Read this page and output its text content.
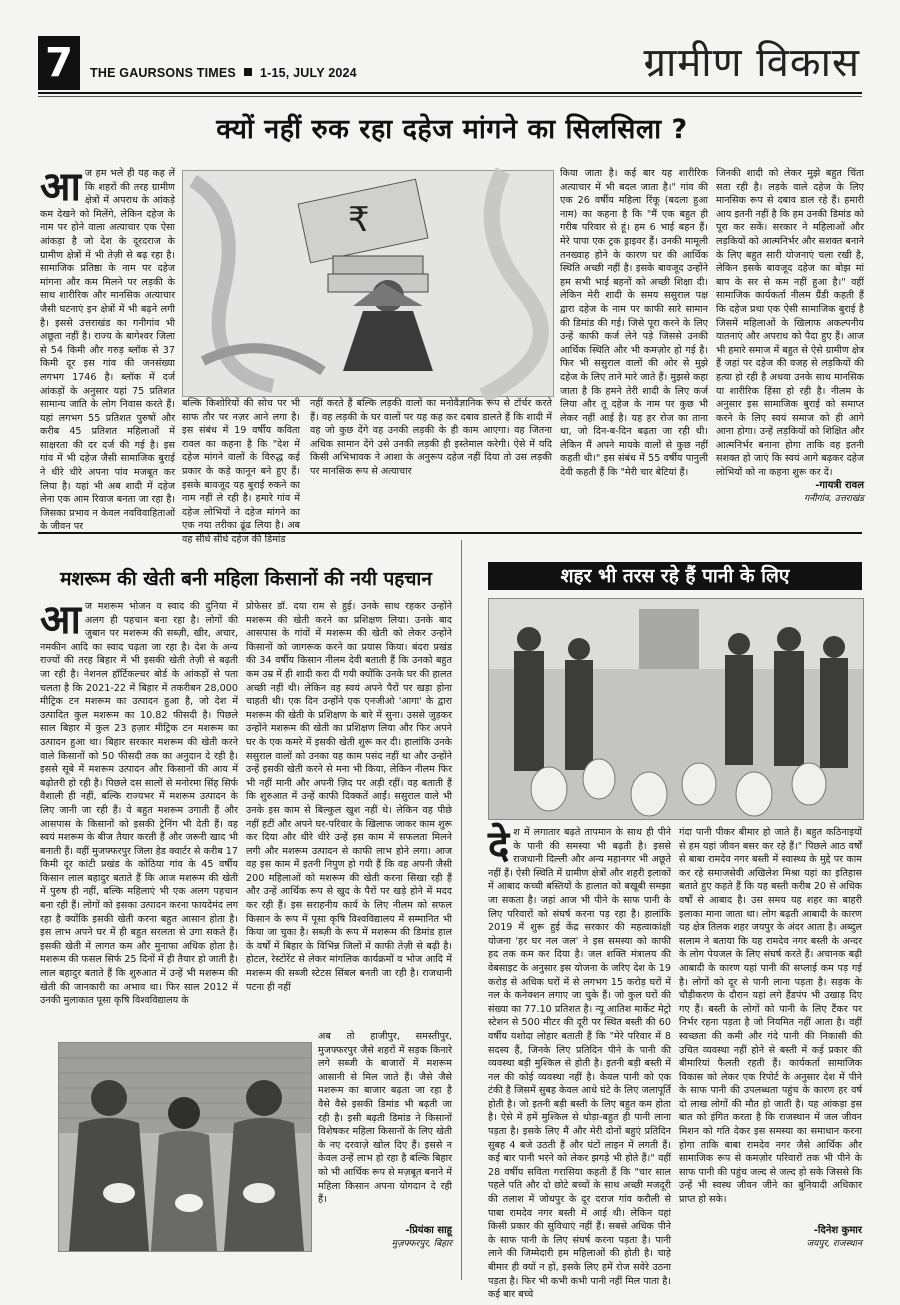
7	THE GAURSONS TIMES 1-15, JULY 2024	ग्रामीण विकास
क्यों नहीं रुक रहा दहेज मांगने का सिलसिला ?
आज हम भले ही यह कह लें कि शहरों की तरह ग्रामीण क्षेत्रों में अपराध के आंकड़े कम देखने को मिलेंगे, लेकिन दहेज के नाम पर होने वाला अत्याचार एक ऐसा आंकड़ा है जो देश के दूरदराज के ग्रामीण क्षेत्रों में भी तेज़ी से बढ़ रहा है। सामाजिक प्रतिष्ठा के नाम पर दहेज मांगना और कम मिलने पर लड़की के साथ शारीरिक और मानसिक अत्याचार जैसी घटनाएं इन क्षेत्रों में भी बढ़ने लगी है। इससे उत्तराखंड का गनीगांव भी अछूता नहीं है। राज्य के बागेश्वर जिला से 54 किमी और गरुड़ ब्लॉक से 37 किमी दूर इस गांव की जनसंख्या लगभग 1746 है। ब्लॉक में दर्ज आंकड़ों के अनुसार यहां 75 प्रतिशत सामान्य जाति के लोग निवास करते हैं। यहां लगभग 55 प्रतिशत पुरुषों और करीब 45 प्रतिशत महिलाओं में साक्षरता की दर दर्ज की गई है। इस गांव में भी दहेज जैसी सामाजिक बुराई ने धीरे धीरे अपना पांव मजबूत कर लिया है। यहां भी अब शादी में दहेज लेना एक आम रिवाज बनता जा रहा है। जिसका प्रभाव न केवल नवविवाहिताओं के जीवन पर
₹
बल्कि किशोरियों की सोच पर भी साफ तौर पर नज़र आने लगा है। इस संबंध में 19 वर्षीय कविता रावल का कहना है कि "देश में दहेज मांगने वालों के विरुद्ध कई प्रकार के कड़े कानून बने हुए हैं। इसके बावजूद यह बुराई रुकने का नाम नहीं ले रही है। हमारे गांव में दहेज लोभियों ने दहेज मांगने का एक नया तरीका ढूंढ लिया है। अब वह सीधे सीधे दहेज की डिमांड
नहीं करते हैं बल्कि लड़की वालों का मनोवैज्ञानिक रूप से टॉर्चर करते हैं। वह लड़की के घर वालों पर यह कह कर दबाव डालते हैं कि शादी में वह जो कुछ देंगे वह उनकी लड़की के ही काम आएगा। वह जितना अधिक सामान देंगे उसे उनकी लड़की ही इस्तेमाल करेगी। ऐसे में यदि किसी अभिभावक ने आशा के अनुरूप दहेज नहीं दिया तो उस लड़की पर मानसिक रूप से अत्याचार
किया जाता है। कई बार यह शारीरिक अत्याचार में भी बदल जाता है।" गांव की एक 26 वर्षीय महिला रिंकू (बदला हुआ नाम) का कहना है कि "मैं एक बहुत ही गरीब परिवार से हूं। हम 6 भाई बहन हैं। मेरे पापा एक ट्रक ड्राइवर हैं। उनकी मामूली तनख्वाह होने के कारण घर की आर्थिक स्थिति अच्छी नहीं है। इसके बावजूद उन्होंने हम सभी भाई बहनों को अच्छी शिक्षा दी। लेकिन मेरी शादी के समय ससुराल पक्ष द्वारा दहेज के नाम पर काफी सारे सामान की डिमांड की गई। जिसे पूरा करने के लिए उन्हें काफी कर्ज लेने पड़े जिससे उनकी आर्थिक स्थिति और भी कमज़ोर हो गई है। फिर भी ससुराल वालों की ओर से मुझे दहेज के लिए ताने मारे जाते हैं। मुझसे कहा जाता है कि हमने तेरी शादी के लिए कर्ज लिया और तू दहेज के नाम पर कुछ भी लेकर नहीं आई है। यह हर रोज का ताना था, जो दिन-ब-दिन बढ़ता जा रही थी। लेकिन मैं अपने मायके वालों से कुछ नहीं कहती थी।" इस संबंध में 55 वर्षीय पानुली देवी कहती हैं कि "मेरी चार बेटियां हैं।
जिनकी शादी को लेकर मुझे बहुत चिंता सता रही है। लड़के वाले दहेज के लिए मानसिक रूप से दबाव डाल रहे हैं। हमारी आय इतनी नहीं है कि हम उनकी डिमांड को पूरा कर सकें। सरकार ने महिलाओं और लड़कियों को आत्मनिर्भर और सशक्त बनाने के लिए बहुत सारी योजनाएं चला रखी है, लेकिन इसके बावजूद दहेज का बोझ मां बाप के सर से कम नहीं हुआ है।" वहीं सामाजिक कार्यकर्ता नीलम ग्रैंडी कहती हैं कि दहेज प्रथा एक ऐसी सामाजिक बुराई है जिसमें महिलाओं के खिलाफ अकल्पनीय यातनाएं और अपराध को पैदा हुए हैं। आज भी हमारे समाज में बहुत से ऐसे ग्रामीण क्षेत्र हैं जहां पर दहेज की वजह से लड़कियों की हत्या हो रही है अथवा उनके साथ मानसिक या शारीरिक हिंसा हो रही है। नीलम के अनुसार इस सामाजिक बुराई को समाप्त करने के लिए स्वयं समाज को ही आगे आना होगा। उन्हें लड़कियों को शिक्षित और आत्मनिर्भर बनाना होगा ताकि वह इतनी सशक्त हो जाएं कि स्वयं आगे बढ़कर दहेज लोभियों को ना कहना शुरू कर दें।
-गायत्री रावल
गनीगांव, उत्तराखंड
मशरूम की खेती बनी महिला किसानों की नयी पहचान
आज मशरूम भोजन व स्वाद की दुनिया में अलग ही पहचान बना रहा है। लोगों की जुबान पर मशरूम की सब्ज़ी, खीर, अचार, नमकीन आदि का स्वाद चढ़ता जा रहा है। देश के अन्य राज्यों की तरह बिहार में भी इसकी खेती तेज़ी से बढ़ती जा रही है। नेशनल हॉर्टिकल्चर बोर्ड के आंकड़ों से पता चलता है कि 2021-22 में बिहार में तकरीबन 28,000 मीट्रिक टन मशरूम का उत्पादन हुआ है, जो देश में उत्पादित कुल मशरूम का 10.82 फीसदी है। पिछले साल बिहार में कुल 23 हज़ार मीट्रिक टन मशरूम का उत्पादन हुआ था। बिहार सरकार मशरूम की खेती करने वाले किसानों को 50 फीसदी तक का अनुदान दे रही है। इससे सूबे में मशरूम उत्पादन और किसानों की आय में बढ़ोतरी हो रही है। पिछले दस सालों से मनोरमा सिंह सिर्फ वैशाली ही नहीं, बल्कि राज्यभर में मशरूम उत्पादन के लिए जानी जा रही हैं। वे बहुत मशरूम उगाती हैं और आसपास के किसानों को इसकी ट्रेनिंग भी देती हैं। वह स्वयं मशरूम के बीज तैयार करती हैं और जरूरी खाद भी बनाती हैं। वहीं मुजफ्फरपुर जिला हेड क्वार्टर से करीब 17 किमी दूर कांटी प्रखंड के कोठिया गांव के 45 वर्षीय किसान लाल बहादुर बताते हैं कि आज मशरूम की खेती में पुरुष ही नहीं, बल्कि महिलाएं भी एक अलग पहचान बना रही हैं। लोगों को इसका उत्पादन करना फायदेमंद लग रहा है क्योंकि इसकी खेती करना बहुत आसान होता है। इस लाभ अपने घर में ही बहुत सरलता से उगा सकते हैं। इसकी खेती में लागत कम और मुनाफा अधिक होता है। मशरूम की फसल सिर्फ 25 दिनों में ही तैयार हो जाती है। लाल बहादुर बताते हैं कि शुरुआत में उन्हें भी मशरूम की खेती की जानकारी का अभाव था। फिर साल 2012 में उनकी मुलाकात पूसा कृषि विश्वविद्यालय के
प्रोफेसर डॉ. दया राम से हुई। उनके साथ रहकर उन्होंने मशरूम की खेती करने का प्रशिक्षण लिया। उनके बाद आसपास के गांवों में मशरूम की खेती को लेकर उन्होंने किसानों को जागरूक करने का प्रयास किया। बंदरा प्रखंड की 34 वर्षीय किसान नीलम देवी बताती हैं कि उनको बहुत कम उम्र में ही शादी करा दी गयी क्योंकि उनके घर की हालत अच्छी नहीं थी। लेकिन वह स्वयं अपने पैरों पर खड़ा होना चाहती थी। एक दिन उन्होंने एक एनजीओ 'आगा' के द्वारा मशरूम की खेती के प्रशिक्षण के बारे में सुना। उससे जुड़कर उन्होंने मशरूम की खेती का प्रशिक्षण लिया और फिर अपने घर के एक कमरे में इसकी खेती शुरू कर दी। हालांकि उनके ससुराल वालों को उनका यह काम पसंद नहीं था और उन्होंने उन्हें इसकी खेती करने से मना भी किया, लेकिन नीलम फिर भी नहीं मानी और अपनी ज़िद पर अड़ी रहीं। वह बताती हैं कि शुरुआत में उन्हें काफी दिक्कतें आईं। ससुराल वाले भी उनके इस काम से बिल्कुल खुश नहीं थे। लेकिन वह पीछे नहीं हटीं और अपने घर-परिवार के खिलाफ जाकर काम शुरू कर दिया और धीरे धीरे उन्हें इस काम में सफलता मिलने लगी और मशरूम उत्पादन से काफी लाभ होने लगा। आज वह इस काम में इतनी निपुण हो गयी हैं कि वह अपनी जैसी 200 महिलाओं को मशरूम की खेती करना सिखा रही हैं और उन्हें आर्थिक रूप से खुद के पैरों पर खड़े होने में मदद कर रही हैं। इस सराहनीय कार्य के लिए नीलम को सफल किसान के रूप में पूसा कृषि विश्वविद्यालय में सम्मानित भी किया जा चुका है। सब्ज़ी के रूप में मशरूम की डिमांड हाल के वर्षों में बिहार के विभिन्न जिलों में काफी तेज़ी से बढ़ी है। होटल, रेस्टोरेंट से लेकर मांगलिक कार्यक्रमों व भोज आदि में मशरूम की सब्जी स्टेटस सिंबल बनती जा रही है। राजधानी पटना ही नहीं
अब तो हाजीपुर, समस्तीपुर, मुजफ्फरपुर जैसे शहरों में सड़क किनारे लगे सब्जी के बाजारों में मशरूम आसानी से मिल जाते हैं। जैसे जैसे मशरूम का बाजार बढ़ता जा रहा है वैसे वैसे इसकी डिमांड भी बढ़ती जा रही है। इसी बढ़ती डिमांड ने किसानों विशेषकर महिला किसानों के लिए खेती के नए दरवाज़े खोल दिए हैं। इससे न केवल उन्हें लाभ हो रहा है बल्कि बिहार को भी आर्थिक रूप से मज़बूत बनाने में महिला किसान अपना योगदान दे रही हैं।
-प्रियंका साहू
मुज़फ्फरपुर, बिहार
शहर भी तरस रहे हैं पानी के लिए
देश में लगातार बढ़ते तापमान के साथ ही पीने के पानी की समस्या भी बढ़ती है। इससे राजधानी दिल्ली और अन्य महानगर भी अछूते नहीं हैं। ऐसी स्थिति में ग्रामीण क्षेत्रों और शहरी इलाकों में आबाद कच्ची बस्तियों के हालात को बखूबी समझा जा सकता है। जहां आज भी पीने के साफ पानी के लिए परिवारों को संघर्ष करना पड़ रहा है। हालांकि 2019 में शुरू हुई केंद्र सरकार की महत्वाकांक्षी योजना 'हर घर नल जल' ने इस समस्या को काफी हद तक कम कर दिया है। जल शक्ति मंत्रालय की वेबसाइट के अनुसार इस योजना के जरिए देश के 19 करोड़ से अधिक घरों में से लगभग 15 करोड़ घरों में नल के कनेक्शन लगाए जा चुके हैं। जो कुल घरों की संख्या का 77.10 प्रतिशत है। न्यू आतिश मार्केट मेट्रो स्टेशन से 500 मीटर की दूरी पर स्थित बस्ती की 60 वर्षीय यशोदा लोहार बताती हैं कि "मेरे परिवार में 8 सदस्य हैं, जिनके लिए प्रतिदिन पीने के पानी की व्यवस्था बड़ी मुश्किल से होती है। इतनी बड़ी बस्ती में नल की कोई व्यवस्था नहीं है। केवल पानी को एक टंकी है जिसमें सुबह केवल आधे घंटे के लिए जलापूर्ति होती है। जो इतनी बड़ी बस्ती के लिए बहुत कम होता है। ऐसे में हमें मुश्किल से थोड़ा-बहुत ही पानी लाना पड़ता है। इसके लिए मैं और मेरी दोनों बहुएं प्रतिदिन सुबह 4 बजे उठती हैं और घंटों लाइन में लगती हैं। कई बार पानी भरने को लेकर झगड़े भी होते हैं।" वहीं 28 वर्षीय सविता गरासिया कहती हैं कि "चार साल पहले पति और दो छोटे बच्चों के साथ अच्छी मजदूरी की तलाश में जोधपुर के दूर दराज गांव करौली से पाबा रामदेव नगर बस्ती में आई थी। लेकिन यहां किसी प्रकार की सुविधाएं नहीं हैं। सबसे अधिक पीने के साफ पानी के लिए संघर्ष करना पड़ता है। पानी लाने की जिम्मेदारी हम महिलाओं की होती है। चाहे बीमार ही क्यों न हों, इसके लिए हमें रोज सवेरे उठना पड़ता है। फिर भी कभी कभी पानी नहीं मिल पाता है। कई बार बच्चे
गंदा पानी पीकर बीमार हो जाते हैं। बहुत कठिनाइयों से हम यहां जीवन बसर कर रहे हैं।" पिछले आठ वर्षों से बाबा रामदेव नगर बस्ती में स्वास्थ्य के मुद्दे पर काम कर रहे समाजसेवी अखिलेश मिश्रा यहां का इतिहास बताते हुए कहते हैं कि यह बस्ती करीब 20 से अधिक वर्षों से आबाद है। उस समय यह शहर का बाहरी इलाका माना जाता था। लोग बढ़ती आबादी के कारण यह क्षेत्र तिलक शहर जयपुर के अंदर आता है। अब्दुल सलाम ने बताया कि यह रामदेव नगर बस्ती के अन्दर के लोग पेयजल के लिए संघर्ष करते हैं। अचानक बढ़ी आबादी के कारण यहां पानी की सप्लाई कम पड़ गई है। लोगों को दूर से पानी लाना पड़ता है। सड़क के चौड़ीकरण के दौरान यहां लगे हैंडपंप भी उखाड़ दिए गए हैं। बस्ती के लोगों को पानी के लिए टैंकर पर निर्भर रहना पड़ता है जो नियमित नहीं आता है। वहीं स्वच्छता की कमी और गंदे पानी की निकासी की उचित व्यवस्था नहीं होने से बस्ती में कई प्रकार की बीमारियां फैलती रहती हैं। कार्यकर्ता सामाजिक विकास को लेकर एक रिपोर्ट के अनुसार देश में पीने के साफ पानी की उपलब्धता पहुंच के कारण हर वर्ष दो लाख लोगों की मौत हो जाती है। यह आंकड़ा इस बात को इंगित करता है कि राजस्थान में जल जीवन मिशन को गति देकर इस समस्या का समाधान करना होगा ताकि बाबा रामदेव नगर जैसे आर्थिक और सामाजिक रूप से कमज़ोर परिवारों तक भी पीने के साफ पानी की पहुंच जल्द से जल्द हो सके जिससे कि उन्हें भी स्वस्थ जीवन जीने का बुनियादी अधिकार प्राप्त हो सके।
-दिनेश कुमार
जयपुर, राजस्थान
